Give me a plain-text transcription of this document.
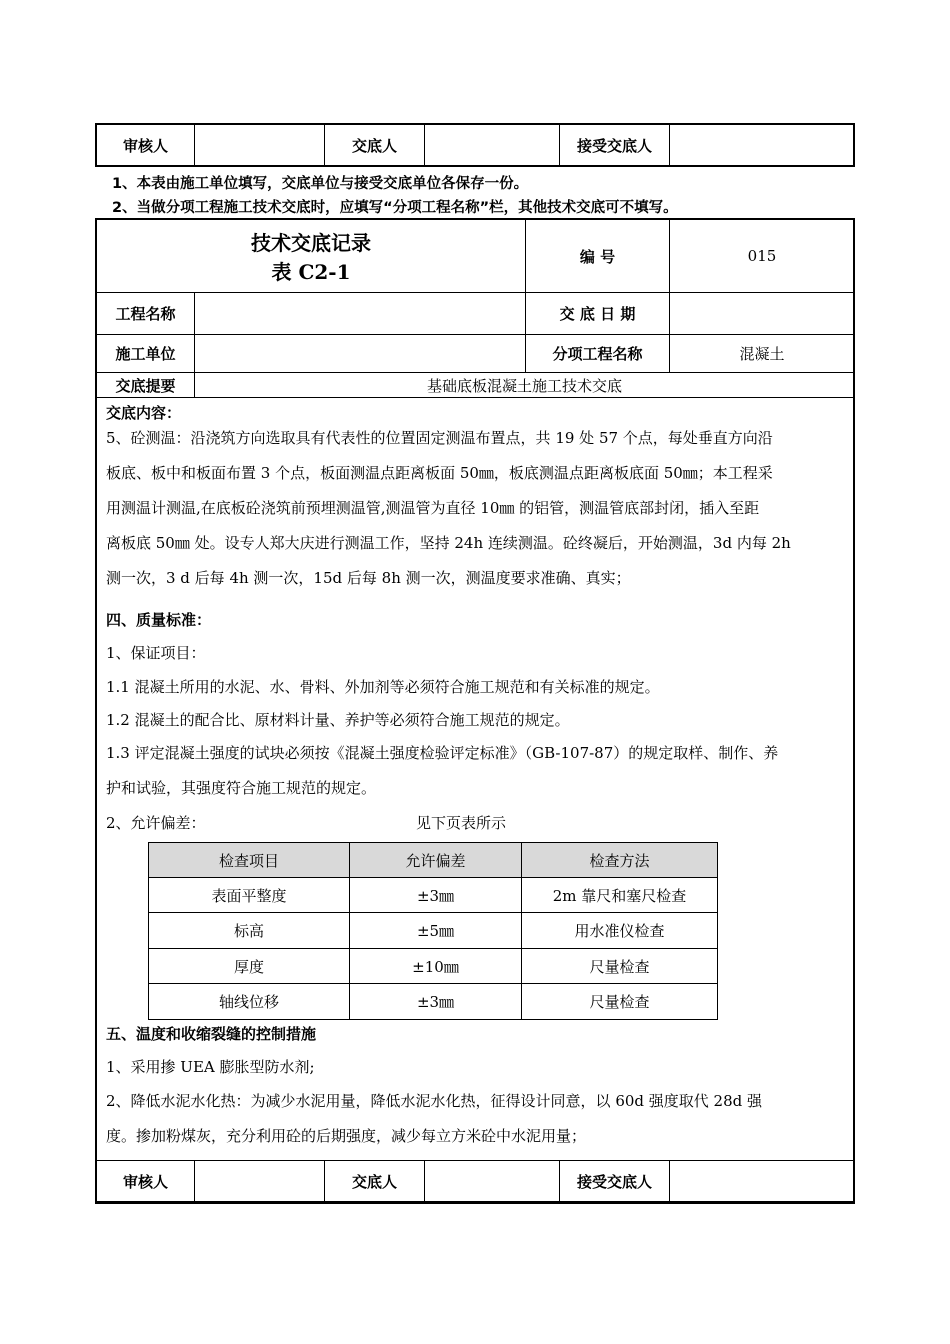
审核人		交底人		接受交底人	
1、本表由施工单位填写，交底单位与接受交底单位各保存一份。
2、当做分项工程施工技术交底时，应填写“分项工程名称”栏，其他技术交底可不填写。
技术交底记录
表 C2-1		编 号	015
工程名称		交 底 日 期	
施工单位		分项工程名称	混凝土
交底提要	基础底板混凝土施工技术交底		
交底内容：
5、砼测温：沿浇筑方向选取具有代表性的位置固定测温布置点，共 19 处 57 个点，每处垂直方向沿
板底、板中和板面布置 3 个点，板面测温点距离板面 50㎜，板底测温点距离板底面 50㎜；本工程采
用测温计测温,在底板砼浇筑前预埋测温管,测温管为直径 10㎜ 的铝管，测温管底部封闭，插入至距
离板底 50㎜ 处。设专人郑大庆进行测温工作，坚持 24h 连续测温。砼终凝后，开始测温，3d 内每 2h
测一次，3 d 后每 4h 测一次，15d 后每 8h 测一次，测温度要求准确、真实；
四、质量标准：
1、保证项目：
1.1 混凝土所用的水泥、水、骨料、外加剂等必须符合施工规范和有关标准的规定。
1.2 混凝土的配合比、原材料计量、养护等必须符合施工规范的规定。
1.3 评定混凝土强度的试块必须按《混凝土强度检验评定标准》（GB-107-87）的规定取样、制作、养
护和试验，其强度符合施工规范的规定。
2、允许偏差：	见下页表所示
检查项目	允许偏差	检查方法
表面平整度	±3㎜	2m 靠尺和塞尺检查
标高	±5㎜	用水准仪检查
厚度	±10㎜	尺量检查
轴线位移	±3㎜	尺量检查
五、温度和收缩裂缝的控制措施
1、采用掺 UEA 膨胀型防水剂;
2、降低水泥水化热：为减少水泥用量，降低水泥水化热，征得设计同意，以 60d 强度取代 28d 强
度。掺加粉煤灰，充分利用砼的后期强度，减少每立方米砼中水泥用量；
审核人		交底人		接受交底人	
